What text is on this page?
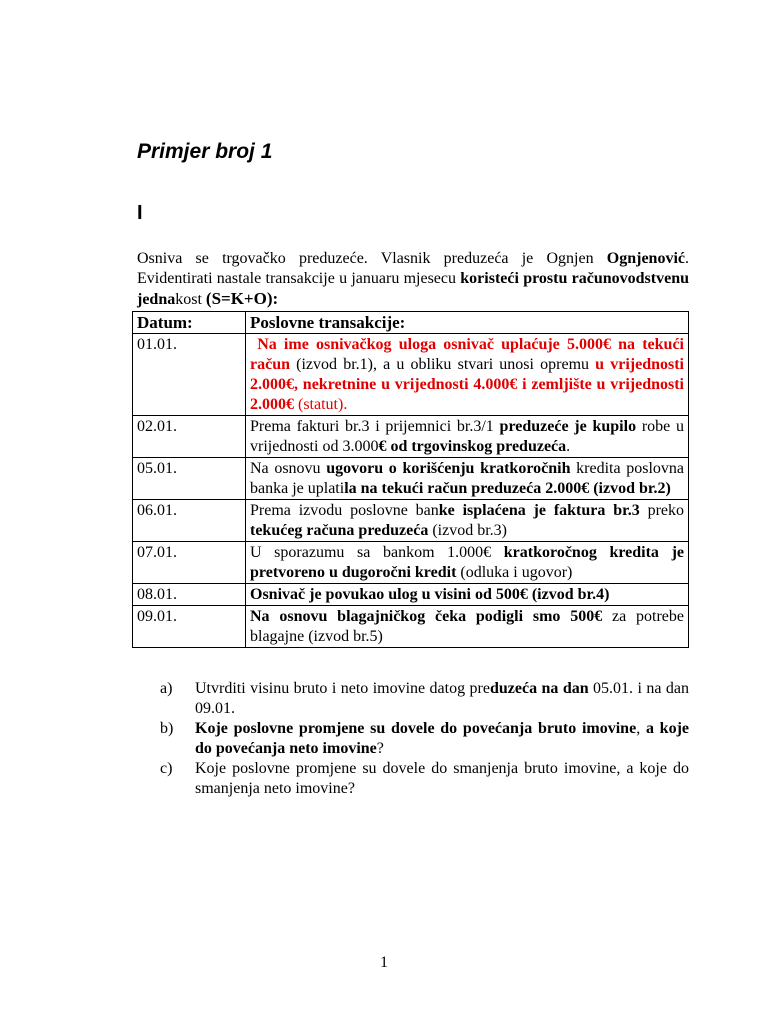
Primjer broj 1
I
Osniva se trgovačko preduzeće. Vlasnik preduzeća je Ognjen Ognjenović. Evidentirati nastale transakcije u januaru mjesecu koristeći prostu računovodstvenu jednakost (S=K+O):
Datum:	Poslovne transakcije:
01.01.	Na ime osnivačkog uloga osnivač uplaćuje 5.000€ na tekući račun (izvod br.1), a u obliku stvari unosi opremu u vrijednosti 2.000€, nekretnine u vrijednosti 4.000€ i zemljište u vrijednosti 2.000€ (statut).
02.01.	Prema fakturi br.3 i prijemnici br.3/1 preduzeće je kupilo robe u vrijednosti od 3.000€ od trgovinskog preduzeća.
05.01.	Na osnovu ugovoru o korišćenju kratkoročnih kredita poslovna banka je uplatila na tekući račun preduzeća 2.000€ (izvod br.2)
06.01.	Prema izvodu poslovne banke isplaćena je faktura br.3 preko tekućeg računa preduzeća (izvod br.3)
07.01.	U sporazumu sa bankom 1.000€ kratkoročnog kredita je pretvoreno u dugoročni kredit (odluka i ugovor)
08.01.	Osnivač je povukao ulog u visini od 500€ (izvod br.4)
09.01.	Na osnovu blagajničkog čeka podigli smo 500€ za potrebe blagajne (izvod br.5)
a) Utvrditi visinu bruto i neto imovine datog preduzeća na dan 05.01. i na dan 09.01.
b) Koje poslovne promjene su dovele do povećanja bruto imovine, a koje do povećanja neto imovine?
c) Koje poslovne promjene su dovele do smanjenja bruto imovine, a koje do smanjenja neto imovine?
1
